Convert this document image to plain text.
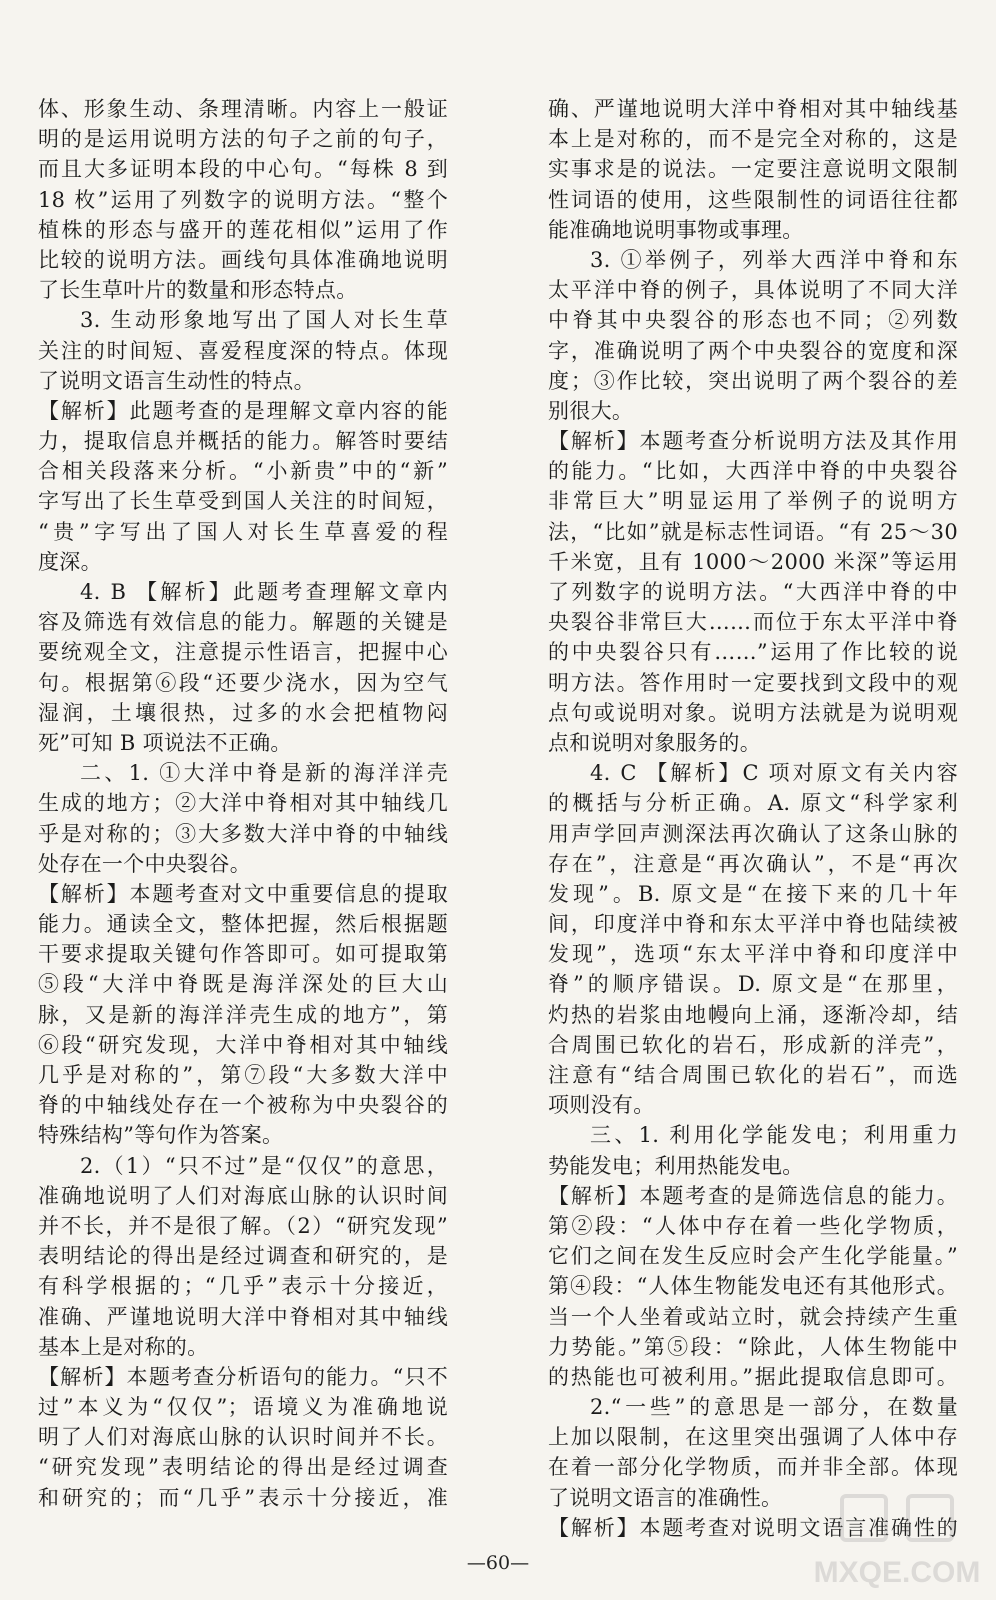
体、形象生动、条理清晰。内容上一般证
明的是运用说明方法的句子之前的句子，
而且大多证明本段的中心句。“每株 8 到
18 枚”运用了列数字的说明方法。“整个
植株的形态与盛开的莲花相似”运用了作
比较的说明方法。画线句具体准确地说明
了长生草叶片的数量和形态特点。
3. 生动形象地写出了国人对长生草
关注的时间短、喜爱程度深的特点。体现
了说明文语言生动性的特点。
【解析】此题考查的是理解文章内容的能
力，提取信息并概括的能力。解答时要结
合相关段落来分析。“小新贵”中的“新”
字写出了长生草受到国人关注的时间短，
“贵”字写出了国人对长生草喜爱的程
度深。
4. B 【解析】此题考查理解文章内
容及筛选有效信息的能力。解题的关键是
要统观全文，注意提示性语言，把握中心
句。根据第⑥段“还要少浇水，因为空气
湿润，土壤很热，过多的水会把植物闷
死”可知 B 项说法不正确。
二、1. ①大洋中脊是新的海洋洋壳
生成的地方；②大洋中脊相对其中轴线几
乎是对称的；③大多数大洋中脊的中轴线
处存在一个中央裂谷。
【解析】本题考查对文中重要信息的提取
能力。通读全文，整体把握，然后根据题
干要求提取关键句作答即可。如可提取第
⑤段“大洋中脊既是海洋深处的巨大山
脉，又是新的海洋洋壳生成的地方”，第
⑥段“研究发现，大洋中脊相对其中轴线
几乎是对称的”，第⑦段“大多数大洋中
脊的中轴线处存在一个被称为中央裂谷的
特殊结构”等句作为答案。
2.（1）“只不过”是“仅仅”的意思，
准确地说明了人们对海底山脉的认识时间
并不长，并不是很了解。（2）“研究发现”
表明结论的得出是经过调查和研究的，是
有科学根据的；“几乎”表示十分接近，
准确、严谨地说明大洋中脊相对其中轴线
基本上是对称的。
【解析】本题考查分析语句的能力。“只不
过”本义为“仅仅”；语境义为准确地说
明了人们对海底山脉的认识时间并不长。
“研究发现”表明结论的得出是经过调查
和研究的；而“几乎”表示十分接近，准
确、严谨地说明大洋中脊相对其中轴线基
本上是对称的，而不是完全对称的，这是
实事求是的说法。一定要注意说明文限制
性词语的使用，这些限制性的词语往往都
能准确地说明事物或事理。
3. ①举例子，列举大西洋中脊和东
太平洋中脊的例子，具体说明了不同大洋
中脊其中央裂谷的形态也不同；②列数
字，准确说明了两个中央裂谷的宽度和深
度；③作比较，突出说明了两个裂谷的差
别很大。
【解析】本题考查分析说明方法及其作用
的能力。“比如，大西洋中脊的中央裂谷
非常巨大”明显运用了举例子的说明方
法，“比如”就是标志性词语。“有 25～30
千米宽，且有 1000～2000 米深”等运用
了列数字的说明方法。“大西洋中脊的中
央裂谷非常巨大……而位于东太平洋中脊
的中央裂谷只有……”运用了作比较的说
明方法。答作用时一定要找到文段中的观
点句或说明对象。说明方法就是为说明观
点和说明对象服务的。
4. C 【解析】C 项对原文有关内容
的概括与分析正确。A. 原文“科学家利
用声学回声测深法再次确认了这条山脉的
存在”，注意是“再次确认”，不是“再次
发现”。B. 原文是“在接下来的几十年
间，印度洋中脊和东太平洋中脊也陆续被
发现”，选项“东太平洋中脊和印度洋中
脊”的顺序错误。D. 原文是“在那里，
灼热的岩浆由地幔向上涌，逐渐冷却，结
合周围已软化的岩石，形成新的洋壳”，
注意有“结合周围已软化的岩石”，而选
项则没有。
三、1. 利用化学能发电；利用重力
势能发电；利用热能发电。
【解析】本题考查的是筛选信息的能力。
第②段：“人体中存在着一些化学物质，
它们之间在发生反应时会产生化学能量。”
第④段：“人体生物能发电还有其他形式。
当一个人坐着或站立时，就会持续产生重
力势能。”第⑤段：“除此，人体生物能中
的热能也可被利用。”据此提取信息即可。
2.“一些”的意思是一部分，在数量
上加以限制，在这里突出强调了人体中存
在着一部分化学物质，而并非全部。体现
了说明文语言的准确性。
【解析】本题考查对说明文语言准确性的
—60—	MXQE.COM
